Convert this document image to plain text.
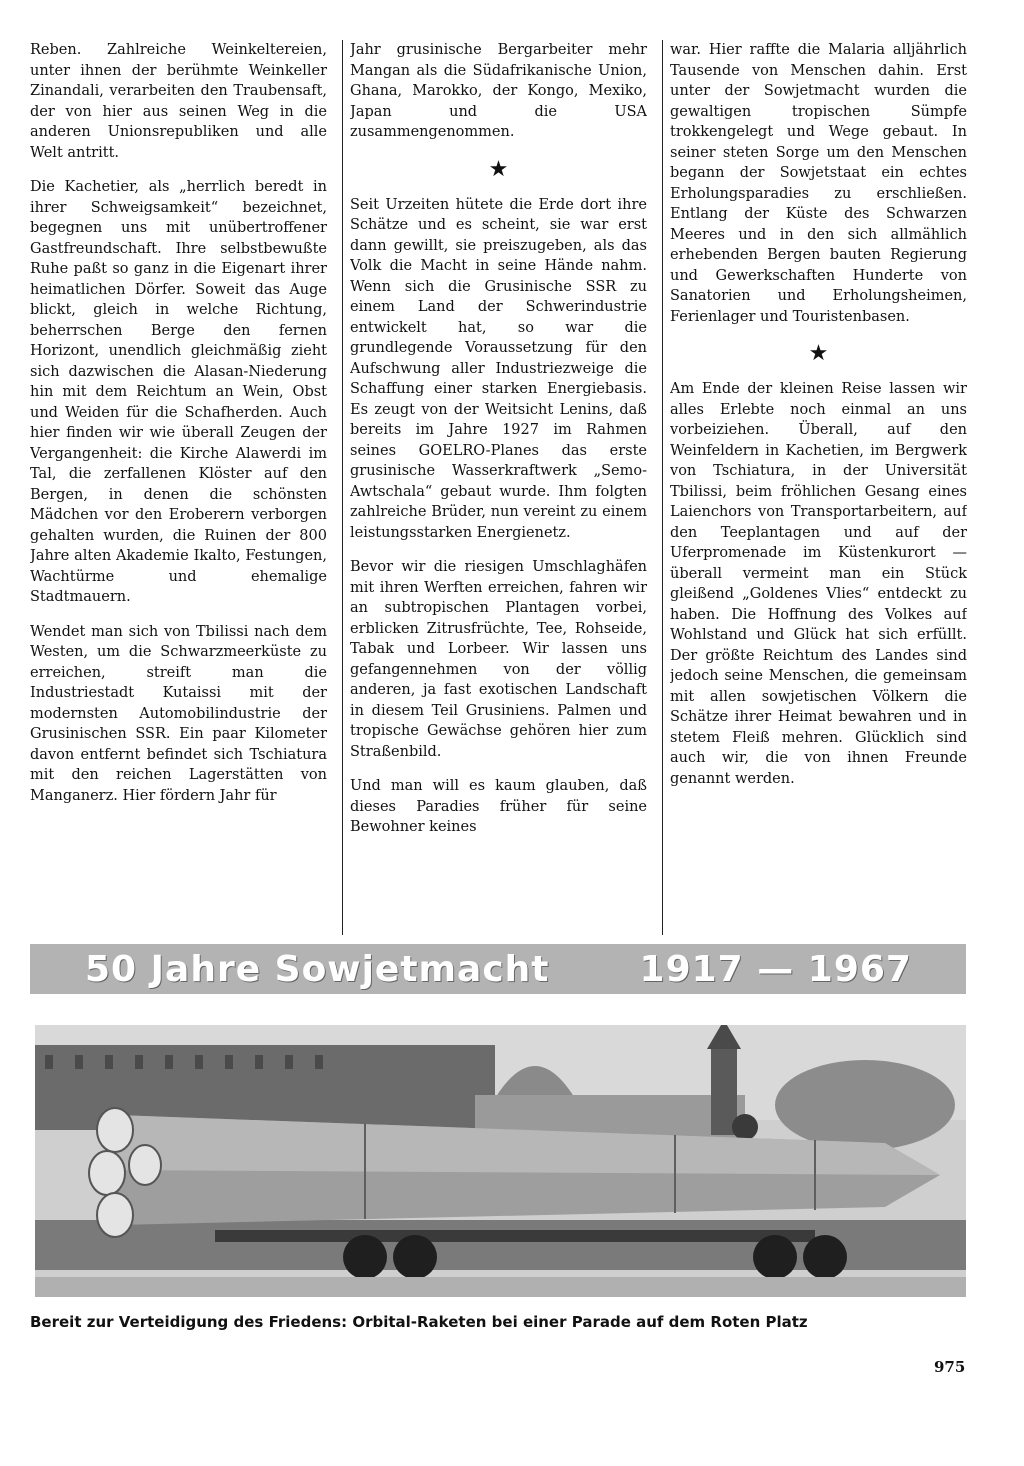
Reben. Zahlreiche Weinkeltereien, unter ihnen der berühmte Weinkeller Zinandali, verarbeiten den Traubensaft, der von hier aus seinen Weg in die anderen Unionsrepubliken und alle Welt antritt.

Die Kachetier, als „herrlich beredt in ihrer Schweigsamkeit“ bezeichnet, begegnen uns mit unübertroffener Gastfreundschaft. Ihre selbstbewußte Ruhe paßt so ganz in die Eigenart ihrer heimatlichen Dörfer. Soweit das Auge blickt, gleich in welche Richtung, beherrschen Berge den fernen Horizont, unendlich gleichmäßig zieht sich dazwischen die Alasan-Niederung hin mit dem Reichtum an Wein, Obst und Weiden für die Schafherden. Auch hier finden wir wie überall Zeugen der Vergangenheit: die Kirche Alawerdi im Tal, die zerfallenen Klöster auf den Bergen, in denen die schönsten Mädchen vor den Eroberern verborgen gehalten wurden, die Ruinen der 800 Jahre alten Akademie Ikalto, Festungen, Wachtürme und ehemalige Stadtmauern.

Wendet man sich von Tbilissi nach dem Westen, um die Schwarzmeerküste zu erreichen, streift man die Industriestadt Kutaissi mit der modernsten Automobilindustrie der Grusinischen SSR. Ein paar Kilometer davon entfernt befindet sich Tschiatura mit den reichen Lagerstätten von Manganerz. Hier fördern Jahr für

Jahr grusinische Bergarbeiter mehr Mangan als die Südafrikanische Union, Ghana, Marokko, der Kongo, Mexiko, Japan und die USA zusammengenommen.

★

Seit Urzeiten hütete die Erde dort ihre Schätze und es scheint, sie war erst dann gewillt, sie preiszugeben, als das Volk die Macht in seine Hände nahm. Wenn sich die Grusinische SSR zu einem Land der Schwerindustrie entwickelt hat, so war die grundlegende Voraussetzung für den Aufschwung aller Industriezweige die Schaffung einer starken Energiebasis. Es zeugt von der Weitsicht Lenins, daß bereits im Jahre 1927 im Rahmen seines GOELRO-Planes das erste grusinische Wasserkraftwerk „Semo-Awtschala“ gebaut wurde. Ihm folgten zahlreiche Brüder, nun vereint zu einem leistungsstarken Energienetz.

Bevor wir die riesigen Umschlaghäfen mit ihren Werften erreichen, fahren wir an subtropischen Plantagen vorbei, erblicken Zitrusfrüchte, Tee, Rohseide, Tabak und Lorbeer. Wir lassen uns gefangennehmen von der völlig anderen, ja fast exotischen Landschaft in diesem Teil Grusiniens. Palmen und tropische Gewächse gehören hier zum Straßenbild.

Und man will es kaum glauben, daß dieses Paradies früher für seine Bewohner keines

war. Hier raffte die Malaria alljährlich Tausende von Menschen dahin. Erst unter der Sowjetmacht wurden die gewaltigen tropischen Sümpfe trokkengelegt und Wege gebaut. In seiner steten Sorge um den Menschen begann der Sowjetstaat ein echtes Erholungsparadies zu erschließen. Entlang der Küste des Schwarzen Meeres und in den sich allmählich erhebenden Bergen bauten Regierung und Gewerkschaften Hunderte von Sanatorien und Erholungsheimen, Ferienlager und Touristenbasen.

★

Am Ende der kleinen Reise lassen wir alles Erlebte noch einmal an uns vorbeiziehen. Überall, auf den Weinfeldern in Kachetien, im Bergwerk von Tschiatura, in der Universität Tbilissi, beim fröhlichen Gesang eines Laienchors von Transportarbeitern, auf den Teeplantagen und auf der Uferpromenade im Küstenkurort — überall vermeint man ein Stück gleißend „Goldenes Vlies“ entdeckt zu haben. Die Hoffnung des Volkes auf Wohlstand und Glück hat sich erfüllt. Der größte Reichtum des Landes sind jedoch seine Menschen, die gemeinsam mit allen sowjetischen Völkern die Schätze ihrer Heimat bewahren und in stetem Fleiß mehren. Glücklich sind auch wir, die von ihnen Freunde genannt werden.

50 Jahre Sowjetmacht	1917 — 1967
Bereit zur Verteidigung des Friedens: Orbital-Raketen bei einer Parade auf dem Roten Platz
975
